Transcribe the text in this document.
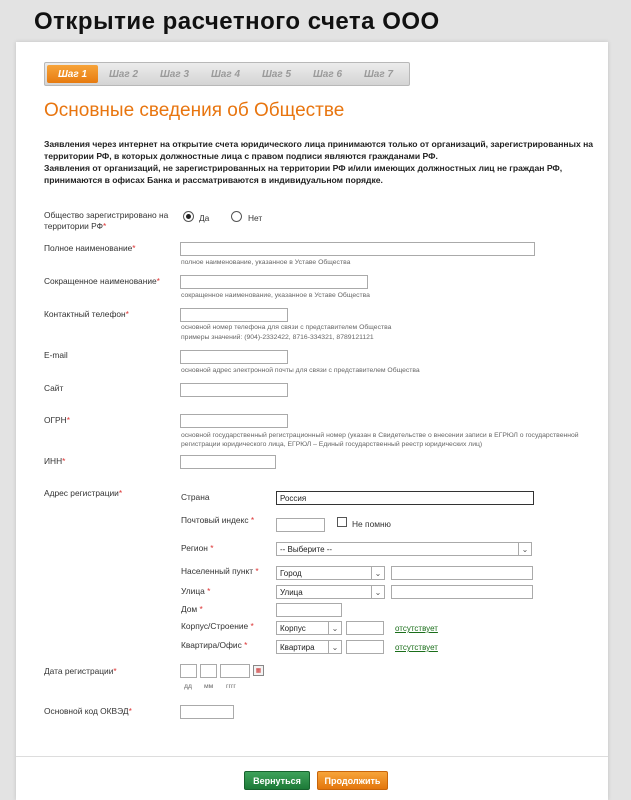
Открытие расчетного счета ООО
Шаг 1	Шаг 2	Шаг 3	Шаг 4	Шаг 5	Шаг 6	Шаг 7
Основные сведения об Обществе
Заявления через интернет на открытие счета юридического лица принимаются только от организаций, зарегистрированных на территории РФ, в которых должностные лица с правом подписи являются гражданами РФ.
Заявления от организаций, не зарегистрированных на территории РФ и/или имеющих должностных лиц не граждан РФ, принимаются в офисах Банка и рассматриваются в индивидуальном порядке.
Общество зарегистрировано на территории РФ*
Да	Нет
Полное наименование*
полное наименование, указанное в Уставе Общества
Сокращенное наименование*
сокращенное наименование, указанное в Уставе Общества
Контактный телефон*
основной номер телефона для связи с представителем Общества
примеры значений: (904)-2332422, 8716-334321, 8789121121
E-mail
основной адрес электронной почты для связи с представителем Общества
Сайт
ОГРН*
основной государственный регистрационный номер (указан в Свидетельстве о внесении записи в ЕГРЮЛ о государственной
регистрации юридического лица, ЕГРЮЛ – Единый государственный реестр юридических лиц)
ИНН*
Адрес регистрации*	Страна
Россия
Почтовый индекс *	Не помню
Регион *	-- Выберите --	⌄
Населенный пункт *	Город	⌄
Улица *	Улица	⌄
Дом *
Корпус/Строение *	Корпус	⌄	отсутствует
Квартира/Офис *	Квартира	⌄	отсутствует
Дата регистрации*	▦
дд мм гггг
Основной код ОКВЭД*
Вернуться	Продолжить
